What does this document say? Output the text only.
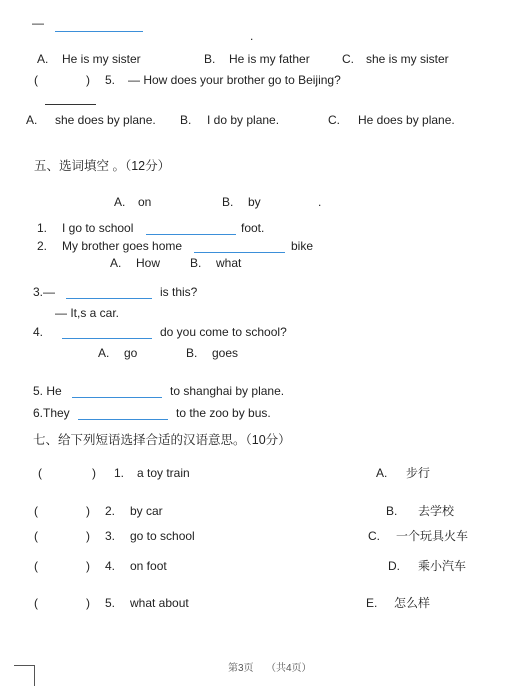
—
.
A. He is my sister	B. He is my father	C. she is my sister
(	) 5. — How does your brother go to Beijing?
A. she does by plane. B. I do by plane.	C. He does by plane.
五、选词填空 。（12分）
A. on	B. by	.
1. I go to school	foot.
2. My brother goes home	bike
A. How B. what
3.—	is this?
— It,s a car.
4.	do you come to school?
A. go	B. goes
5. He	to shanghai by plane.
6.They	to the zoo by bus.
七、给下列短语选择合适的汉语意思。（10分）
(	) 1. a toy train	A. 步行
(	) 2. by car	B. 去学校
(	) 3. go to school	C. 一个玩具火车
(	) 4. on foot	D. 乘小汽车
(	) 5. what about	E. 怎么样
第3页 （共4页）
